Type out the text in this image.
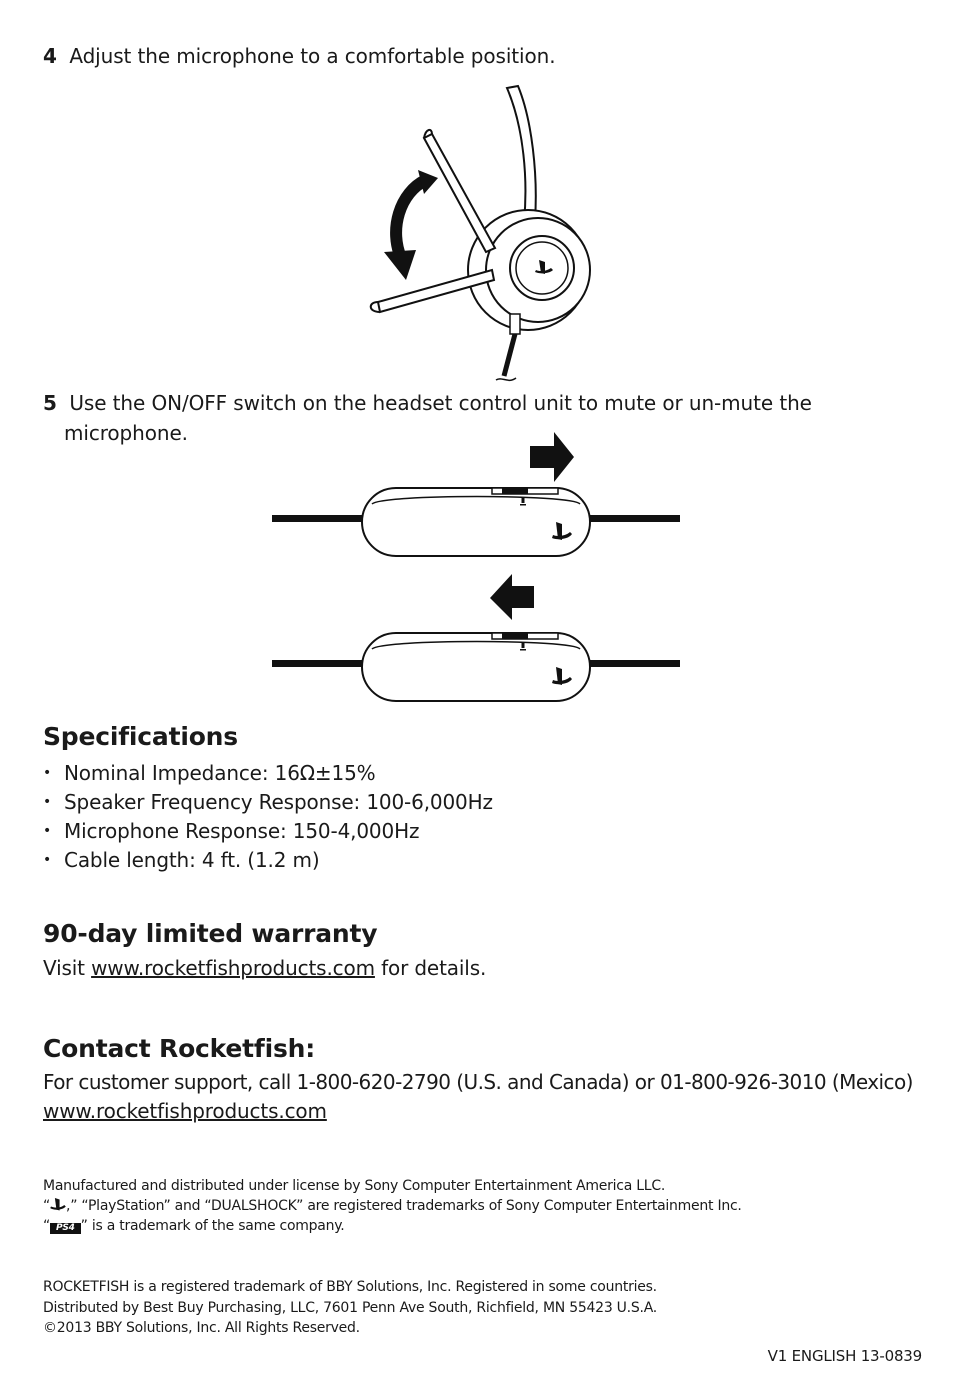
4 Adjust the microphone to a comfortable position.
5 Use the ON/OFF switch on the headset control unit to mute or un-mute the
microphone.
Specifications
• Nominal Impedance: 16Ω±15%
• Speaker Frequency Response: 100-6,000Hz
• Microphone Response: 150-4,000Hz
• Cable length: 4 ft. (1.2 m)
90-day limited warranty
Visit www.rocketfishproducts.com for details.
Contact Rocketfish:
For customer support, call 1-800-620-2790 (U.S. and Canada) or 01-800-926-3010 (Mexico)
www.rocketfishproducts.com
Manufactured and distributed under license by Sony Computer Entertainment America LLC.
“ ,” “PlayStation” and “DUALSHOCK” are registered trademarks of Sony Computer Entertainment Inc.
“ PS4 ” is a trademark of the same company.
ROCKETFISH is a registered trademark of BBY Solutions, Inc. Registered in some countries.
Distributed by Best Buy Purchasing, LLC, 7601 Penn Ave South, Richfield, MN 55423 U.S.A.
©2013 BBY Solutions, Inc. All Rights Reserved.
V1 ENGLISH 13-0839
